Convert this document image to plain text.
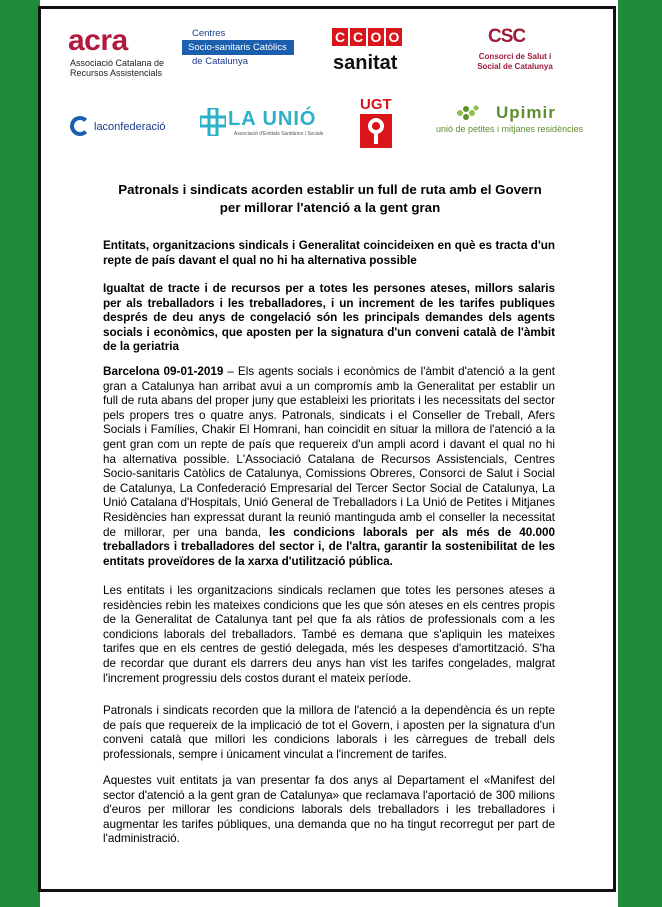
acra
Associació Catalana de Recursos Assistencials
Centres
Socio-sanitaris Catòlics
de Catalunya
C C O O
sanitat
CSC
Consorci de Salut i Social de Catalunya
laconfederació	LA UNIÓ
Associació d'Entitats Sanitàries i Socials
UGT	Upimir
unió de petites i mitjanes residències
Patronals i sindicats acorden establir un full de ruta amb el Govern per millorar l'atenció a la gent gran
Entitats, organitzacions sindicals i Generalitat coincideixen en què es tracta d'un repte de país davant el qual no hi ha alternativa possible
Igualtat de tracte i de recursos per a totes les persones ateses, millors salaris per als treballadors i les treballadores, i un increment de les tarifes publiques després de deu anys de congelació són les principals demandes dels agents socials i econòmics, que aposten per la signatura d'un conveni català de l'àmbit de la geriatria
Barcelona 09-01-2019 – Els agents socials i econòmics de l'àmbit d'atenció a la gent gran a Catalunya han arribat avui a un compromís amb la Generalitat per establir un full de ruta abans del proper juny que estableixi les prioritats i les necessitats del sector pels propers tres o quatre anys. Patronals, sindicats i el Conseller de Treball, Afers Socials i Famílies, Chakir El Homrani, han coincidit en situar la millora de l'atenció a la gent gran com un repte de país que requereix d'un ampli acord i davant el qual no hi ha alternativa possible. L'Associació Catalana de Recursos Assistencials, Centres Socio-sanitaris Catòlics de Catalunya, Comissions Obreres, Consorci de Salut i Social de Catalunya, La Confederació Empresarial del Tercer Sector Social de Catalunya, La Unió Catalana d'Hospitals, Unió General de Treballadors i La Unió de Petites i Mitjanes Residències han expressat durant la reunió mantinguda amb el conseller la necessitat de millorar, per una banda, les condicions laborals per als més de 40.000 treballadors i treballadores del sector i, de l'altra, garantir la sostenibilitat de les entitats proveïdores de la xarxa d'utilització pública.
Les entitats i les organitzacions sindicals reclamen que totes les persones ateses a residències rebin les mateixes condicions que les que són ateses en els centres propis de la Generalitat de Catalunya tant pel que fa als ràtios de professionals com a les condicions laborals del treballadors. També es demana que s'apliquin les mateixes tarifes que en els centres de gestió delegada, més les despeses d'amortització. S'ha de recordar que durant els darrers deu anys han vist les tarifes congelades, malgrat l'increment progressiu dels costos durant el mateix període.
Patronals i sindicats recorden que la millora de l'atenció a la dependència és un repte de país que requereix de la implicació de tot el Govern, i aposten per la signatura d'un conveni català que millori les condicions laborals i les càrregues de treball dels professionals, sempre i únicament vinculat a l'increment de tarifes.
Aquestes vuit entitats ja van presentar fa dos anys al Departament el «Manifest del sector d'atenció a la gent gran de Catalunya» que reclamava l'aportació de 300 milions d'euros per millorar les condicions laborals dels treballadors i les treballadores i augmentar les tarifes públiques, una demanda que no ha tingut recorregut per part de l'administració.
